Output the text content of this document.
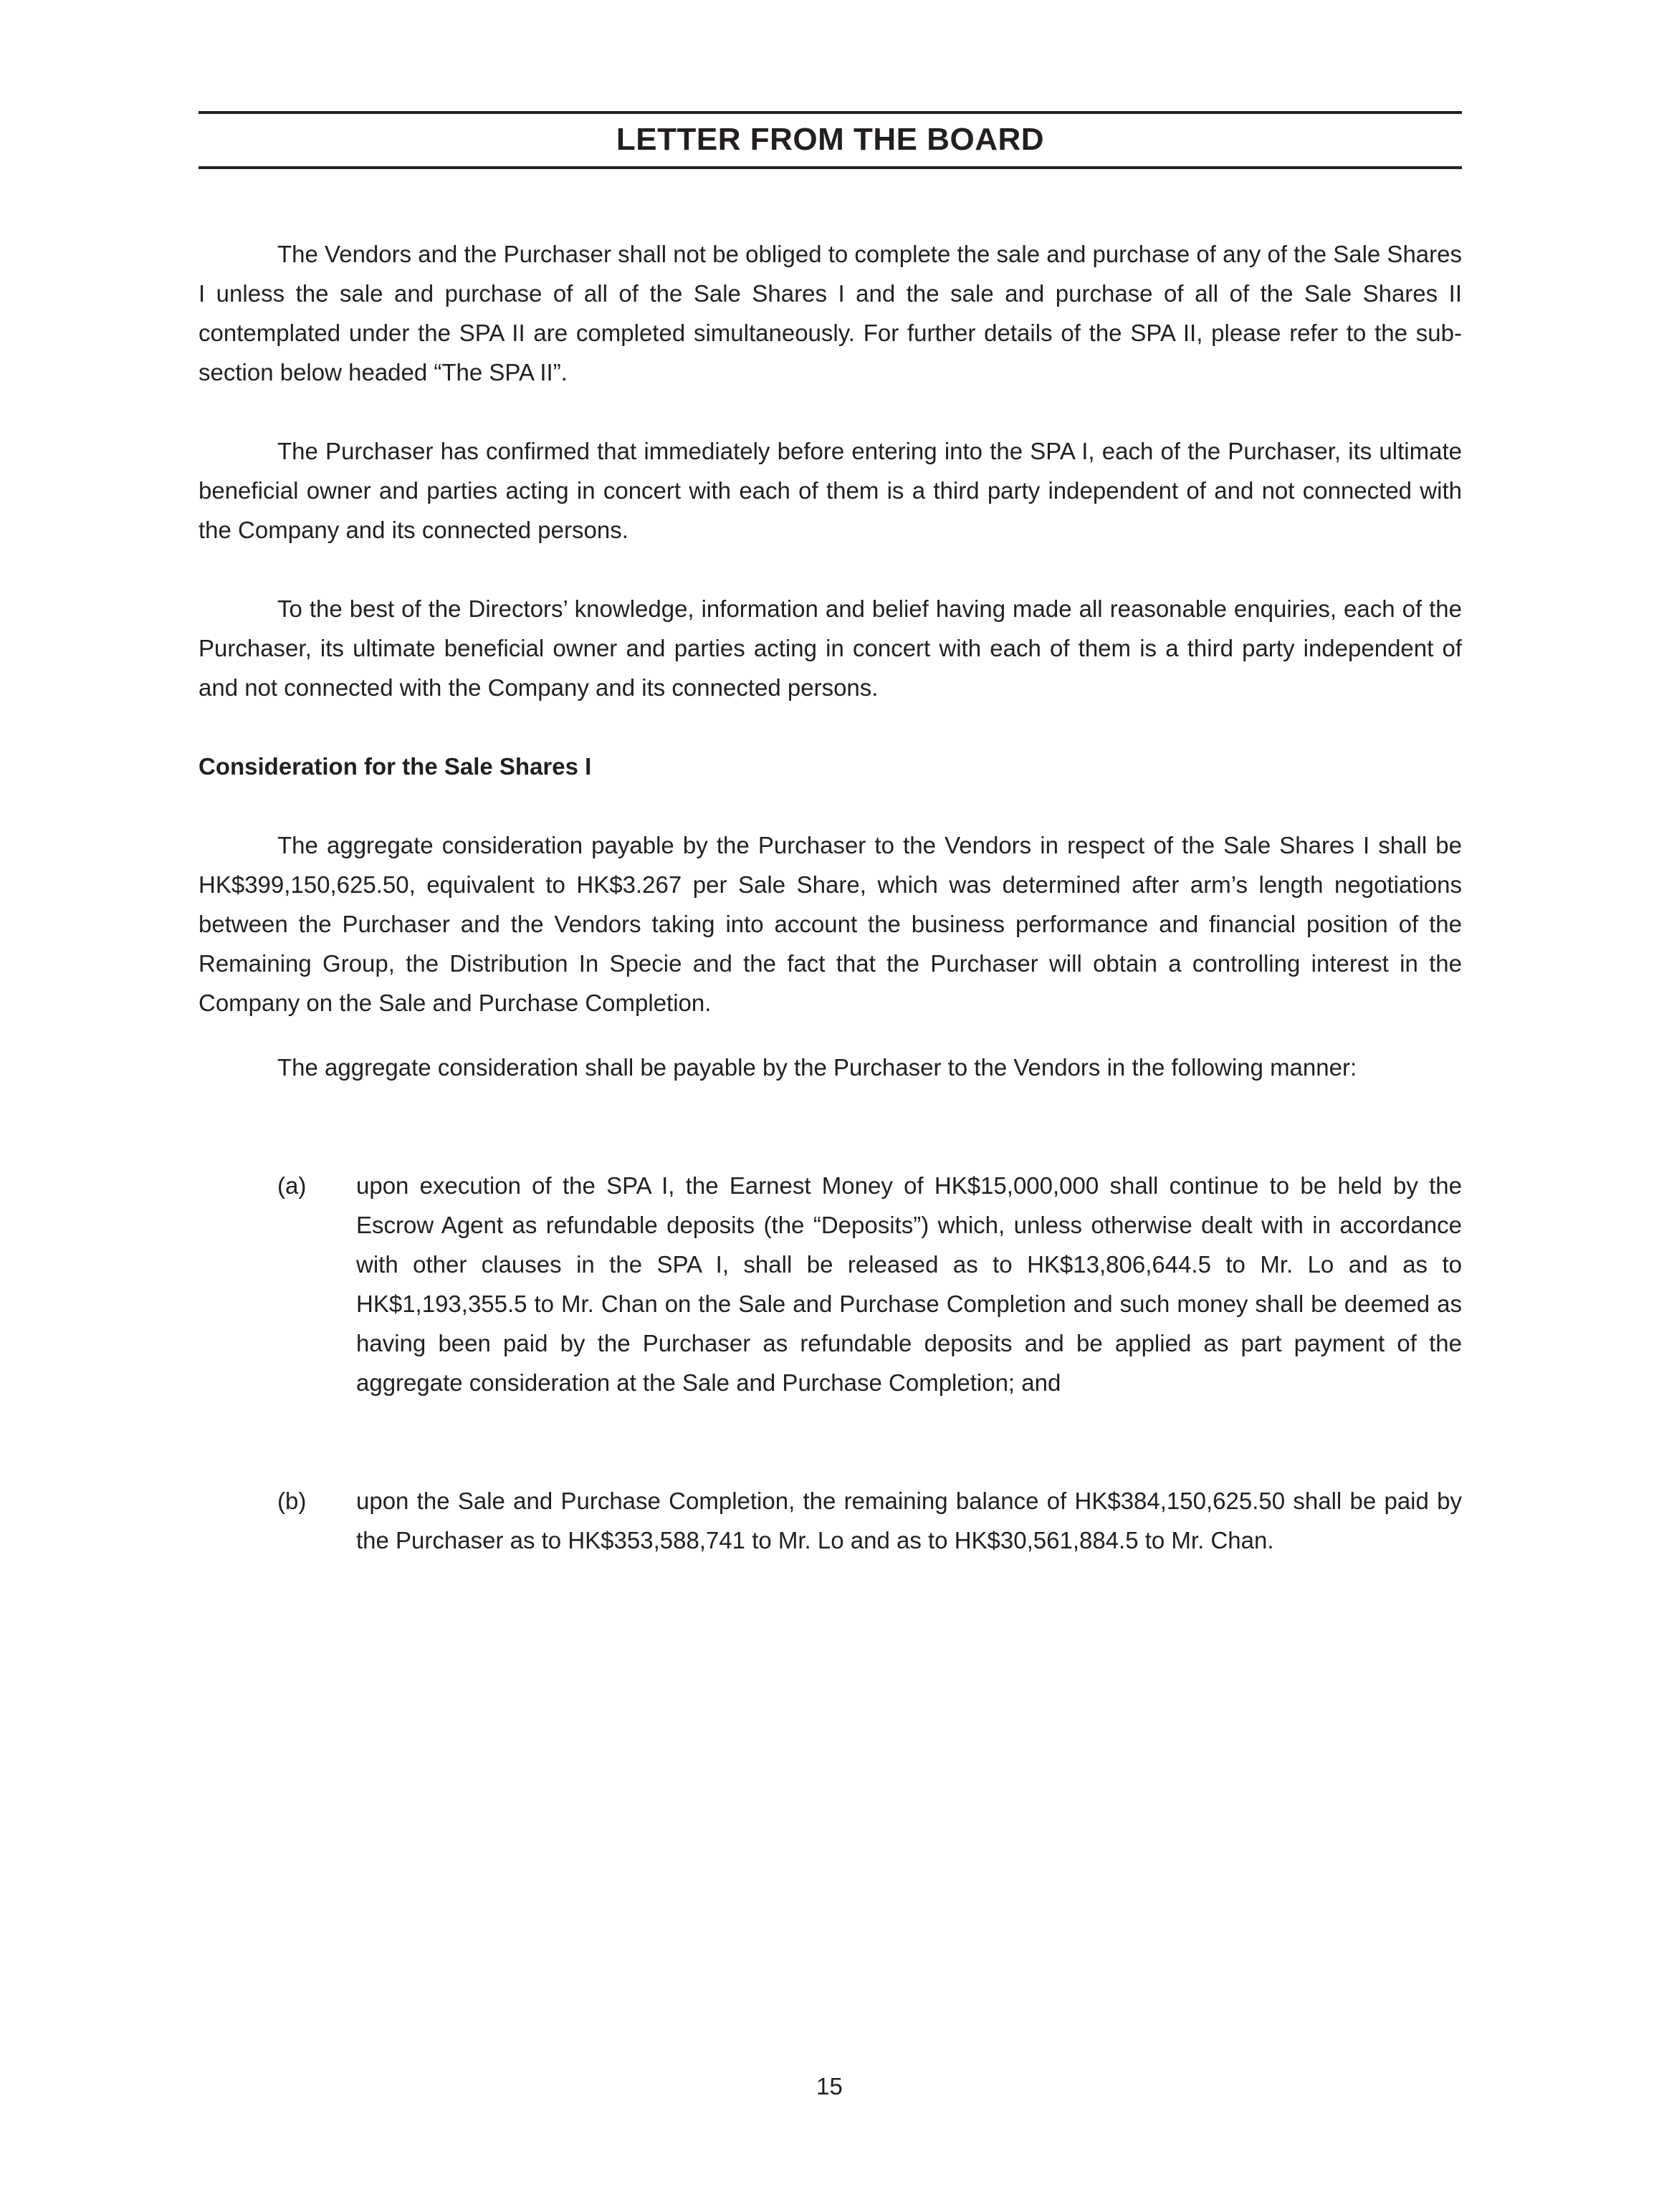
LETTER FROM THE BOARD

The Vendors and the Purchaser shall not be obliged to complete the sale and purchase of any of the Sale Shares I unless the sale and purchase of all of the Sale Shares I and the sale and purchase of all of the Sale Shares II contemplated under the SPA II are completed simultaneously. For further details of the SPA II, please refer to the sub-section below headed “The SPA II”.

The Purchaser has confirmed that immediately before entering into the SPA I, each of the Purchaser, its ultimate beneficial owner and parties acting in concert with each of them is a third party independent of and not connected with the Company and its connected persons.

To the best of the Directors’ knowledge, information and belief having made all reasonable enquiries, each of the Purchaser, its ultimate beneficial owner and parties acting in concert with each of them is a third party independent of and not connected with the Company and its connected persons.

Consideration for the Sale Shares I

The aggregate consideration payable by the Purchaser to the Vendors in respect of the Sale Shares I shall be HK$399,150,625.50, equivalent to HK$3.267 per Sale Share, which was determined after arm’s length negotiations between the Purchaser and the Vendors taking into account the business performance and financial position of the Remaining Group, the Distribution In Specie and the fact that the Purchaser will obtain a controlling interest in the Company on the Sale and Purchase Completion.

The aggregate consideration shall be payable by the Purchaser to the Vendors in the following manner:

(a)	upon execution of the SPA I, the Earnest Money of HK$15,000,000 shall continue to be held by the Escrow Agent as refundable deposits (the “Deposits”) which, unless otherwise dealt with in accordance with other clauses in the SPA I, shall be released as to HK$13,806,644.5 to Mr. Lo and as to HK$1,193,355.5 to Mr. Chan on the Sale and Purchase Completion and such money shall be deemed as having been paid by the Purchaser as refundable deposits and be applied as part payment of the aggregate consideration at the Sale and Purchase Completion; and
(b)	upon the Sale and Purchase Completion, the remaining balance of HK$384,150,625.50 shall be paid by the Purchaser as to HK$353,588,741 to Mr. Lo and as to HK$30,561,884.5 to Mr. Chan.
15
